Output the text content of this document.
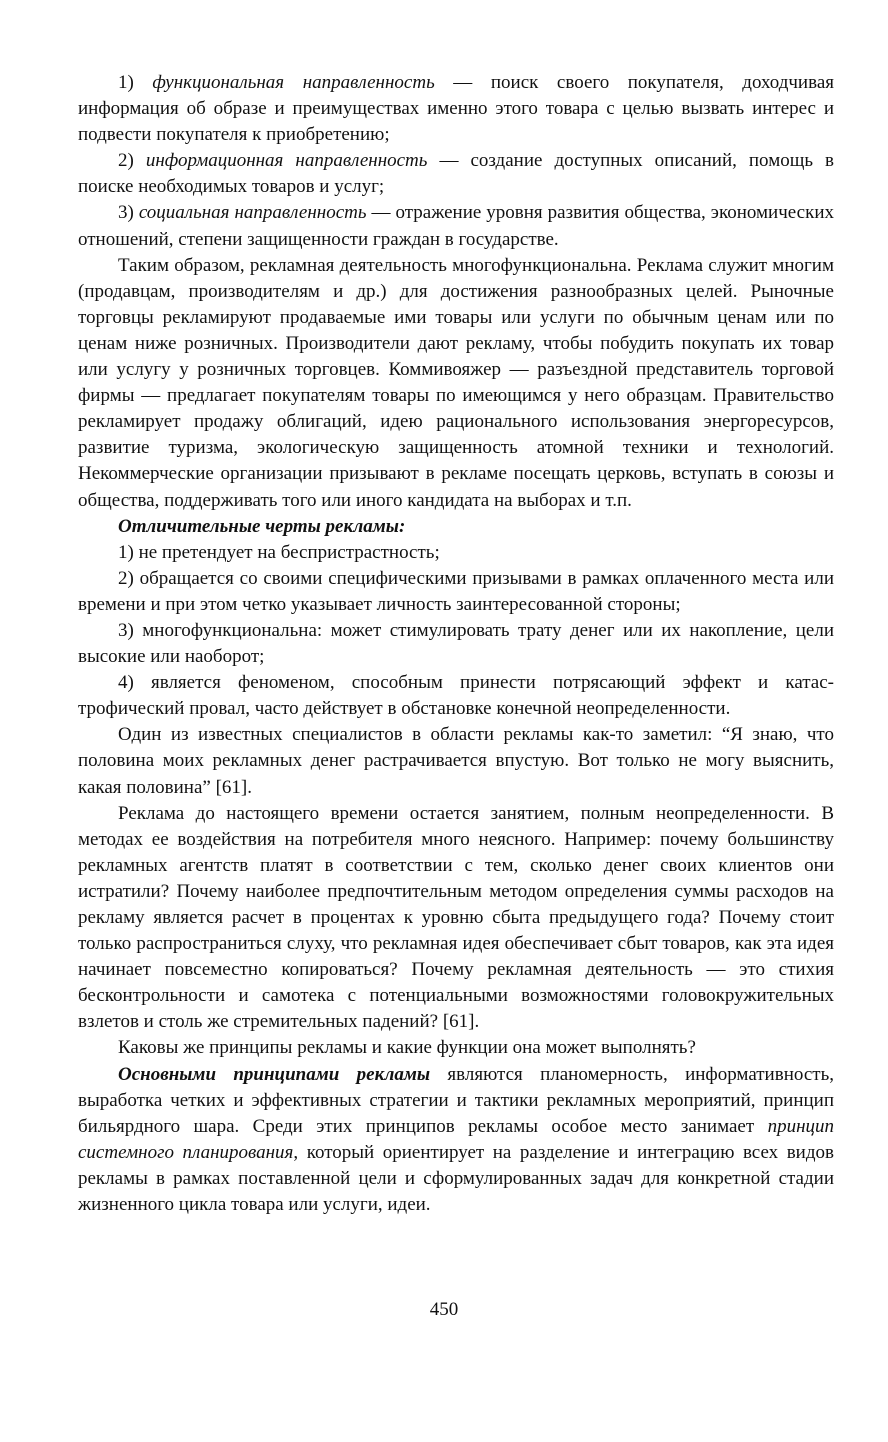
1) функциональная направленность — поиск своего покупателя, доходчивая информация об образе и преимуществах именно этого товара с целью вызвать интерес и подвести покупателя к приобретению;

2) информационная направленность — создание доступных описаний, помощь в поиске необходимых товаров и услуг;

3) социальная направленность — отражение уровня развития общества, экономических отношений, степени защищенности граждан в государстве.

Таким образом, рекламная деятельность многофункциональна. Реклама служит многим (продавцам, производителям и др.) для достижения разнообразных целей. Рыночные торговцы рекламируют продаваемые ими товары или услуги по обычным ценам или по ценам ниже розничных. Производители дают рекламу, чтобы побудить покупать их товар или услугу у розничных торговцев. Коммивояжер — разъездной представитель торговой фирмы — предлагает покупателям товары по имеющимся у него образцам. Правительство рекламирует продажу облигаций, идею рационального использования энергоресурсов, развитие туризма, экологическую защищенность атомной техники и технологий. Некоммерческие организации призывают в рекламе посещать церковь, вступать в союзы и общества, поддерживать того или иного кандидата на выборах и т.п.

Отличительные черты рекламы:

1) не претендует на беспристрастность;

2) обращается со своими специфическими призывами в рамках оплаченного места или времени и при этом четко указывает личность заинтересованной стороны;

3) многофункциональна: может стимулировать трату денег или их накопление, цели высокие или наоборот;

4) является феноменом, способным принести потрясающий эффект и катастрофический провал, часто действует в обстановке конечной неопределенности.

Один из известных специалистов в области рекламы как-то заметил: “Я знаю, что половина моих рекламных денег растрачивается впустую. Вот только не могу выяснить, какая половина” [61].

Реклама до настоящего времени остается занятием, полным неопределенности. В методах ее воздействия на потребителя много неясного. Например: почему большинству рекламных агентств платят в соответствии с тем, сколько денег своих клиентов они истратили? Почему наиболее предпочтительным методом определения суммы расходов на рекламу является расчет в процентах к уровню сбыта предыдущего года? Почему стоит только распространиться слуху, что рекламная идея обеспечивает сбыт товаров, как эта идея начинает повсеместно копироваться? Почему рекламная деятельность — это стихия бесконтрольности и самотека с потенциальными возможностями головокружительных взлетов и столь же стремительных падений? [61].

Каковы же принципы рекламы и какие функции она может выполнять?

Основными принципами рекламы являются планомерность, информативность, выработка четких и эффективных стратегии и тактики рекламных мероприятий, принцип бильярдного шара. Среди этих принципов рекламы особое место занимает принцип системного планирования, который ориентирует на разделение и интеграцию всех видов рекламы в рамках поставленной цели и сформулированных задач для конкретной стадии жизненного цикла товара или услуги, идеи.

450
